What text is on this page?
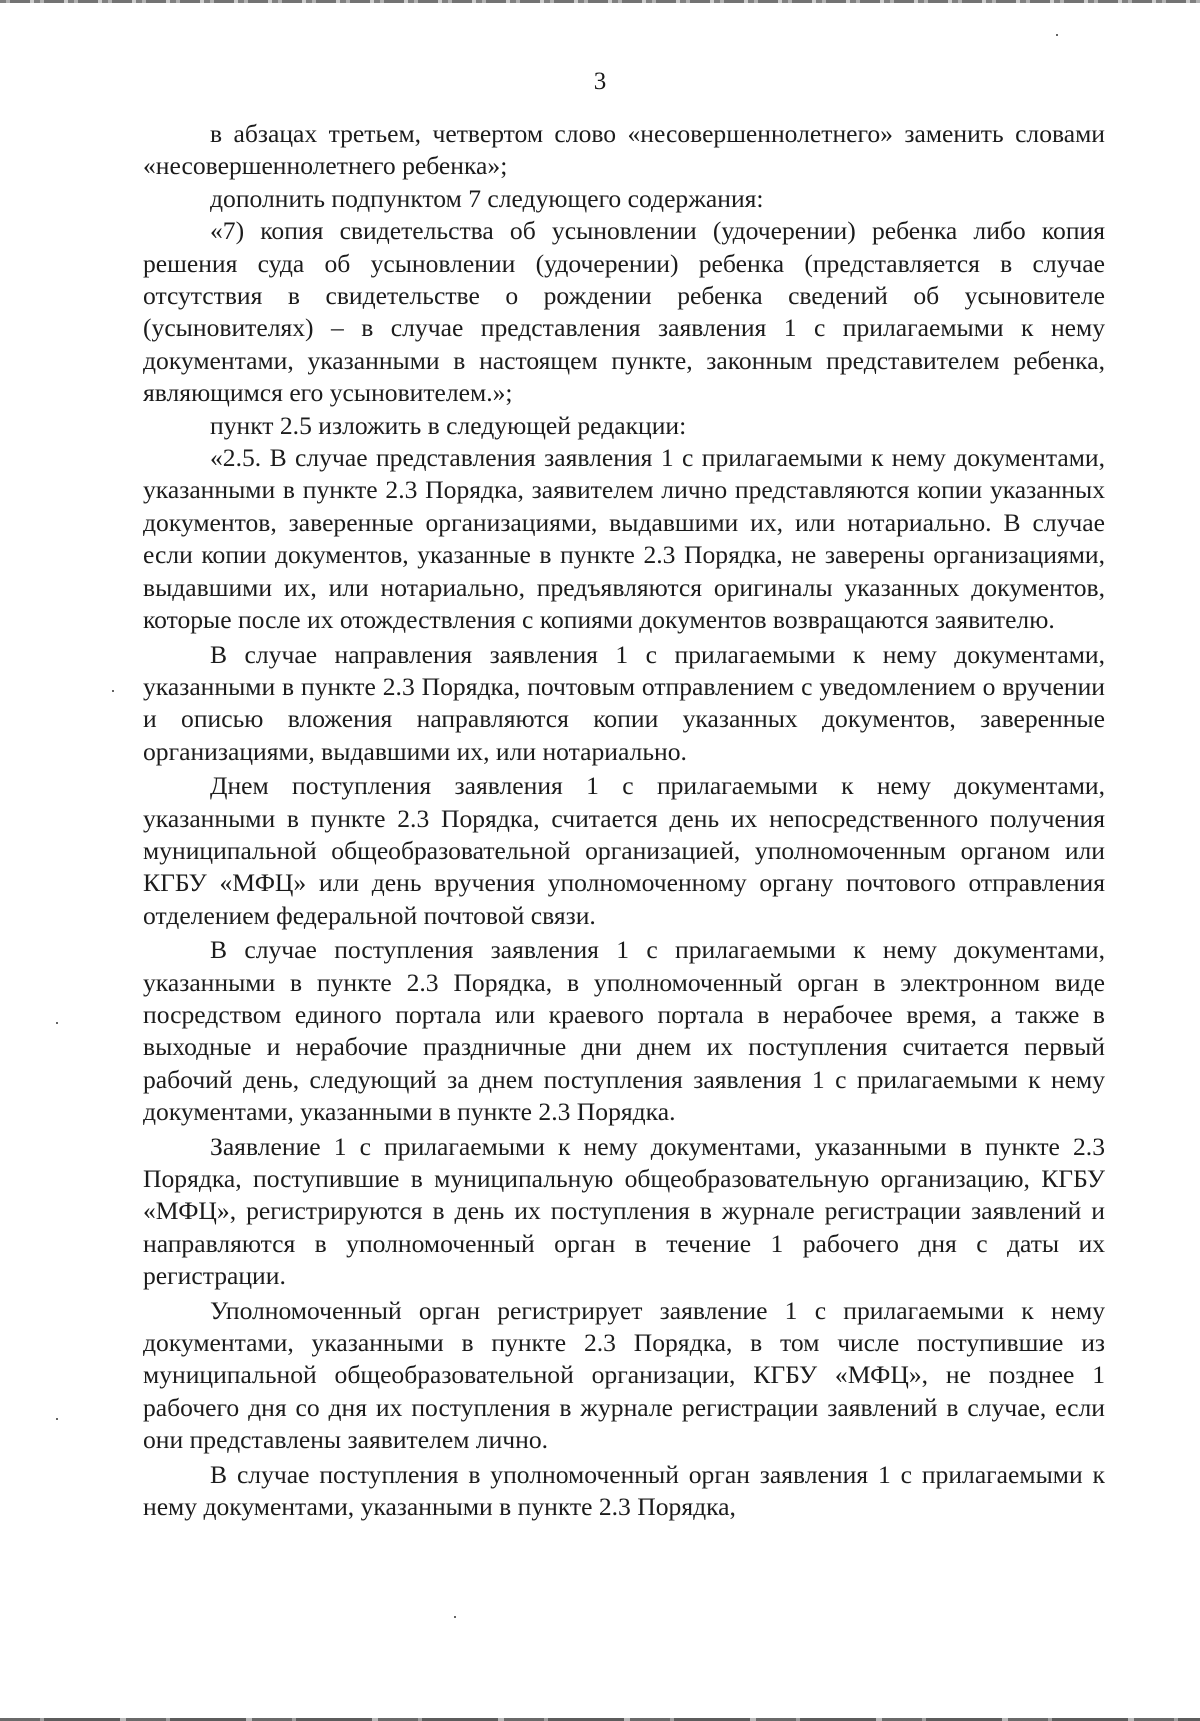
3

в абзацах третьем, четвертом слово «несовершеннолетнего» заменить словами «несовершеннолетнего ребенка»;

дополнить подпунктом 7 следующего содержания:

«7) копия свидетельства об усыновлении (удочерении) ребенка либо копия решения суда об усыновлении (удочерении) ребенка (представляется в случае отсутствия в свидетельстве о рождении ребенка сведений об усыновителе (усыновителях) – в случае представления заявления 1 с прилагаемыми к нему документами, указанными в настоящем пункте, законным представителем ребенка, являющимся его усыновителем.»;

пункт 2.5 изложить в следующей редакции:

«2.5. В случае представления заявления 1 с прилагаемыми к нему документами, указанными в пункте 2.3 Порядка, заявителем лично представляются копии указанных документов, заверенные организациями, выдавшими их, или нотариально. В случае если копии документов, указанные в пункте 2.3 Порядка, не заверены организациями, выдавшими их, или нотариально, предъявляются оригиналы указанных документов, которые после их отождествления с копиями документов возвращаются заявителю.

В случае направления заявления 1 с прилагаемыми к нему документами, указанными в пункте 2.3 Порядка, почтовым отправлением с уведомлением о вручении и описью вложения направляются копии указанных документов, заверенные организациями, выдавшими их, или нотариально.

Днем поступления заявления 1 с прилагаемыми к нему документами, указанными в пункте 2.3 Порядка, считается день их непосредственного получения муниципальной общеобразовательной организацией, уполномоченным органом или КГБУ «МФЦ» или день вручения уполномоченному органу почтового отправления отделением федеральной почтовой связи.

В случае поступления заявления 1 с прилагаемыми к нему документами, указанными в пункте 2.3 Порядка, в уполномоченный орган в электронном виде посредством единого портала или краевого портала в нерабочее время, а также в выходные и нерабочие праздничные дни днем их поступления считается первый рабочий день, следующий за днем поступления заявления 1 с прилагаемыми к нему документами, указанными в пункте 2.3 Порядка.

Заявление 1 с прилагаемыми к нему документами, указанными в пункте 2.3 Порядка, поступившие в муниципальную общеобразовательную организацию, КГБУ «МФЦ», регистрируются в день их поступления в журнале регистрации заявлений и направляются в уполномоченный орган в течение 1 рабочего дня с даты их регистрации.

Уполномоченный орган регистрирует заявление 1 с прилагаемыми к нему документами, указанными в пункте 2.3 Порядка, в том числе поступившие из муниципальной общеобразовательной организации, КГБУ «МФЦ», не позднее 1 рабочего дня со дня их поступления в журнале регистрации заявлений в случае, если они представлены заявителем лично.

В случае поступления в уполномоченный орган заявления 1 с прилагаемыми к нему документами, указанными в пункте 2.3 Порядка,
